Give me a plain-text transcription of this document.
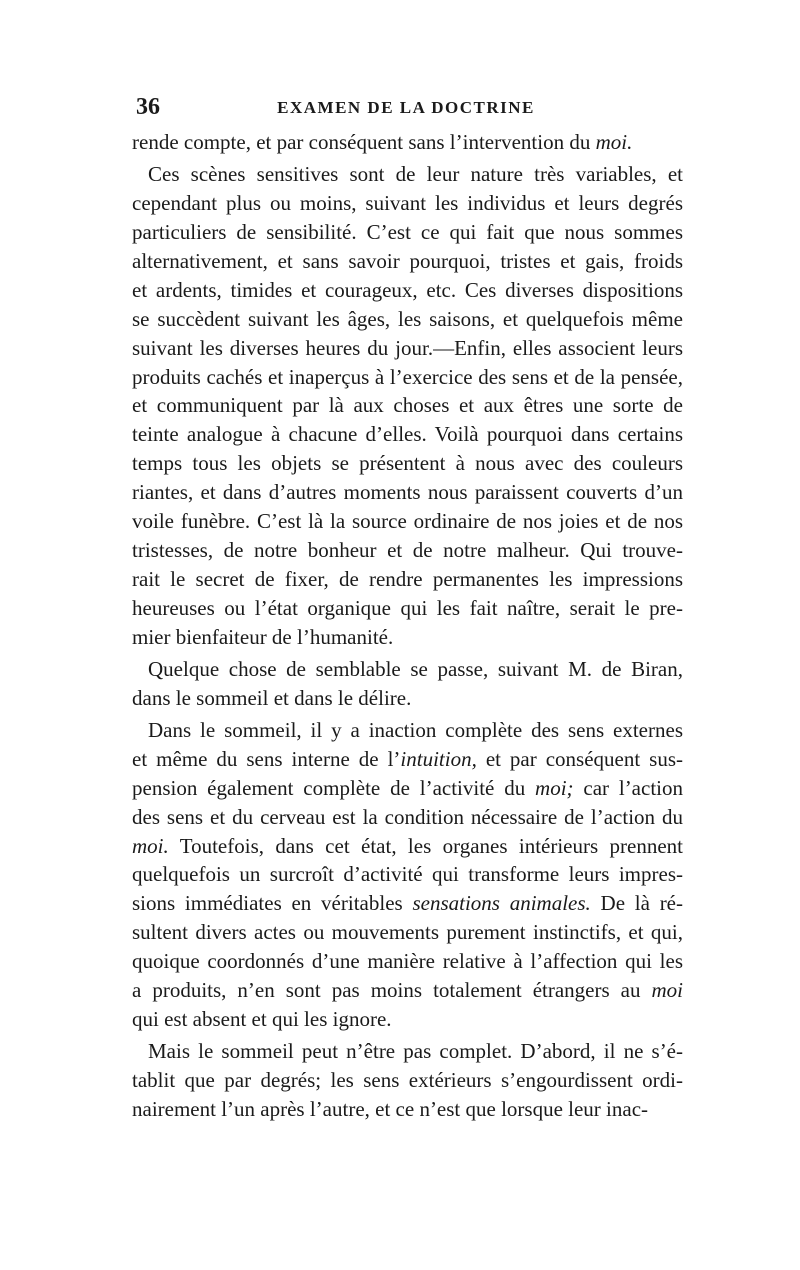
36	EXAMEN DE LA DOCTRINE
rende compte, et par conséquent sans l’intervention du moi.
Ces scènes sensitives sont de leur nature très variables, et
cependant plus ou moins, suivant les individus et leurs degrés
particuliers de sensibilité. C’est ce qui fait que nous sommes
alternativement, et sans savoir pourquoi, tristes et gais, froids
et ardents, timides et courageux, etc. Ces diverses dispositions
se succèdent suivant les âges, les saisons, et quelquefois même
suivant les diverses heures du jour.—Enfin, elles associent leurs
produits cachés et inaperçus à l’exercice des sens et de la pensée,
et communiquent par là aux choses et aux êtres une sorte de
teinte analogue à chacune d’elles. Voilà pourquoi dans certains
temps tous les objets se présentent à nous avec des couleurs
riantes, et dans d’autres moments nous paraissent couverts d’un
voile funèbre. C’est là la source ordinaire de nos joies et de nos
tristesses, de notre bonheur et de notre malheur. Qui trouve-
rait le secret de fixer, de rendre permanentes les impressions
heureuses ou l’état organique qui les fait naître, serait le pre-
mier bienfaiteur de l’humanité.
Quelque chose de semblable se passe, suivant M. de Biran,
dans le sommeil et dans le délire.
Dans le sommeil, il y a inaction complète des sens externes
et même du sens interne de l’intuition, et par conséquent sus-
pension également complète de l’activité du moi; car l’action
des sens et du cerveau est la condition nécessaire de l’action du
moi. Toutefois, dans cet état, les organes intérieurs prennent
quelquefois un surcroît d’activité qui transforme leurs impres-
sions immédiates en véritables sensations animales. De là ré-
sultent divers actes ou mouvements purement instinctifs, et qui,
quoique coordonnés d’une manière relative à l’affection qui les
a produits, n’en sont pas moins totalement étrangers au moi
qui est absent et qui les ignore.
Mais le sommeil peut n’être pas complet. D’abord, il ne s’é-
tablit que par degrés; les sens extérieurs s’engourdissent ordi-
nairement l’un après l’autre, et ce n’est que lorsque leur inac-
